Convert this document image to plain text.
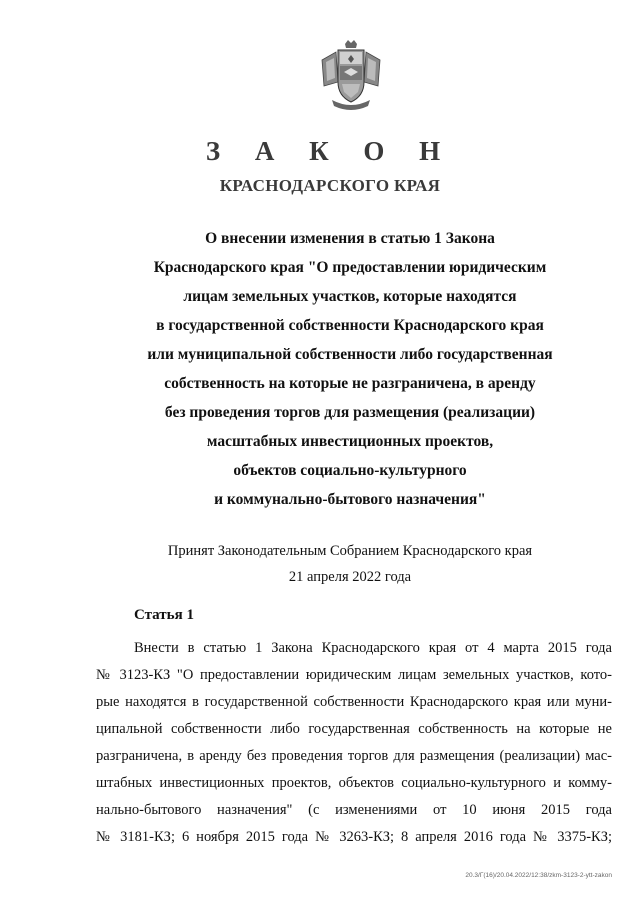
З А К О Н
КРАСНОДАРСКОГО КРАЯ
О внесении изменения в статью 1 Закона
Краснодарского края "О предоставлении юридическим
лицам земельных участков, которые находятся
в государственной собственности Краснодарского края
или муниципальной собственности либо государственная
собственность на которые не разграничена, в аренду
без проведения торгов для размещения (реализации)
масштабных инвестиционных проектов,
объектов социально-культурного
и коммунально-бытового назначения"
Принят Законодательным Собранием Краснодарского края
21 апреля 2022 года
Статья 1
Внести в статью 1 Закона Краснодарского края от 4 марта 2015 года
№ 3123-КЗ "О предоставлении юридическим лицам земельных участков, кото-
рые находятся в государственной собственности Краснодарского края или муни-
ципальной собственности либо государственная собственность на которые не
разграничена, в аренду без проведения торгов для размещения (реализации) мас-
штабных инвестиционных проектов, объектов социально-культурного и комму-
нально-бытового назначения" (с изменениями от 10 июня 2015 года
№ 3181-КЗ; 6 ноября 2015 года № 3263-КЗ; 8 апреля 2016 года № 3375-КЗ;
20.3/Г(16)/20.04.2022/12:38/zkm-3123-2-ytt-zakon
